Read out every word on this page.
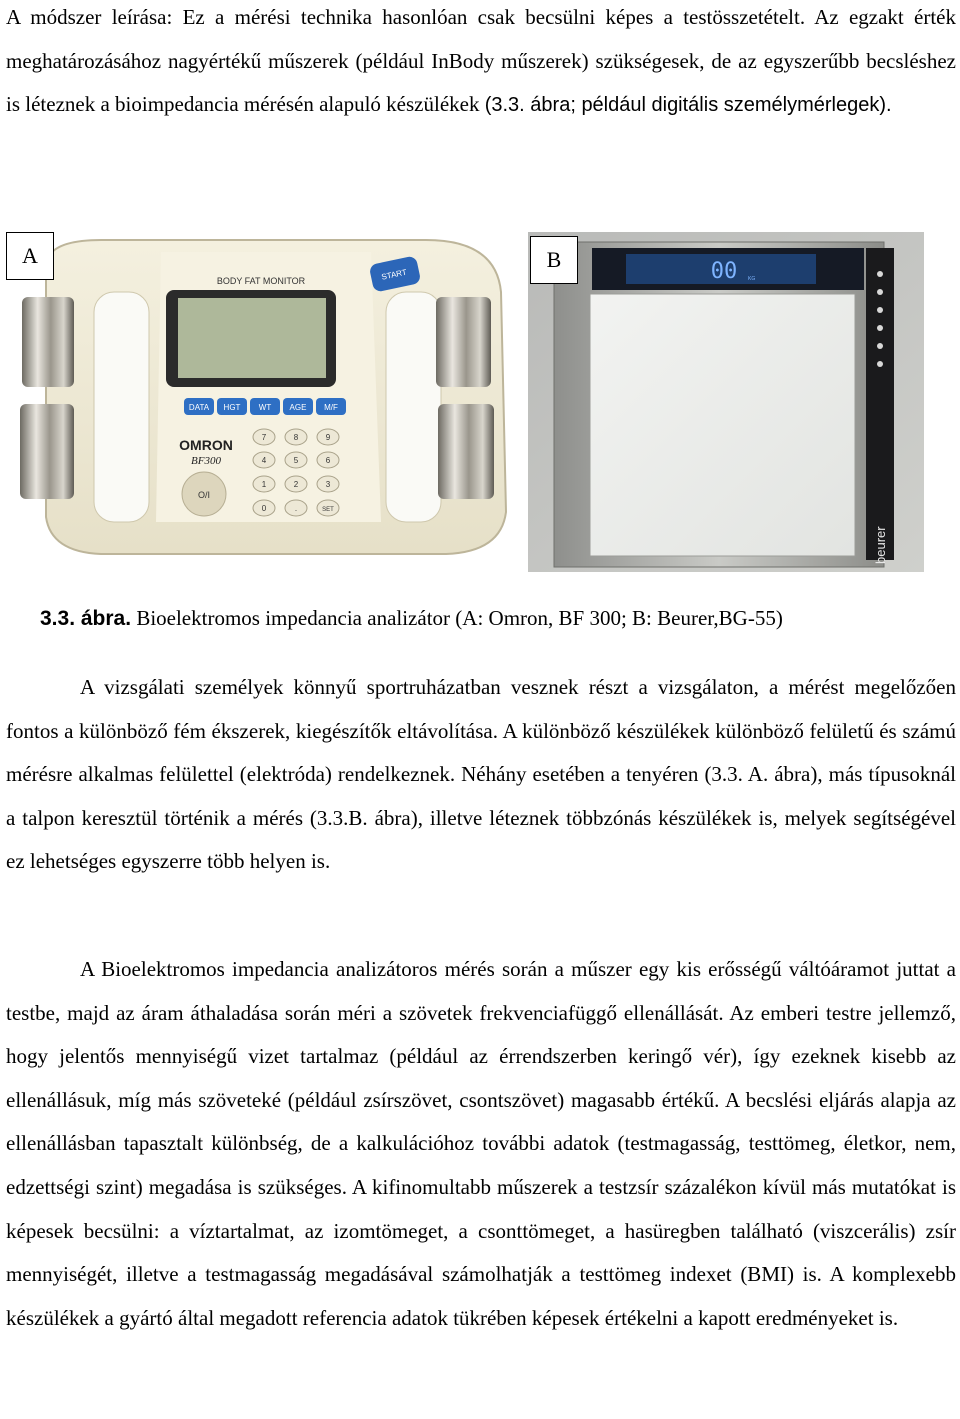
A módszer leírása: Ez a mérési technika hasonlóan csak becsülni képes a testösszetételt. Az egzakt érték meghatározásához nagyértékű műszerek (például InBody műszerek) szükségesek, de az egyszerűbb becsléshez is léteznek a bioimpedancia mérésén alapuló készülékek (3.3. ábra; például digitális személymérlegek).

BODY FAT MONITOR	START
DATA HGT WT AGE M/F
OMRON
BF300
O/I
7	8	9
4	5	6
1	2	3
0	.	SET
A
00 KG
beurer
B
3.3. ábra. Bioelektromos impedancia analizátor (A: Omron, BF 300; B: Beurer,BG-55)

A vizsgálati személyek könnyű sportruházatban vesznek részt a vizsgálaton, a mérést megelőzően fontos a különböző fém ékszerek, kiegészítők eltávolítása. A különböző készülékek különböző felületű és számú mérésre alkalmas felülettel (elektróda) rendelkeznek. Néhány esetében a tenyéren (3.3. A. ábra), más típusoknál a talpon keresztül történik a mérés (3.3.B. ábra), illetve léteznek többzónás készülékek is, melyek segítségével ez lehetséges egyszerre több helyen is.

A Bioelektromos impedancia analizátoros mérés során a műszer egy kis erősségű váltóáramot juttat a testbe, majd az áram áthaladása során méri a szövetek frekvenciafüggő ellenállását. Az emberi testre jellemző, hogy jelentős mennyiségű vizet tartalmaz (például az érrendszerben keringő vér), így ezeknek kisebb az ellenállásuk, míg más szöveteké (például zsírszövet, csontszövet) magasabb értékű. A becslési eljárás alapja az ellenállásban tapasztalt különbség, de a kalkulációhoz további adatok (testmagasság, testtömeg, életkor, nem, edzettségi szint) megadása is szükséges. A kifinomultabb műszerek a testzsír százalékon kívül más mutatókat is képesek becsülni: a víztartalmat, az izomtömeget, a csonttömeget, a hasüregben található (viszcerális) zsír mennyiségét, illetve a testmagasság megadásával számolhatják a testtömeg indexet (BMI) is. A komplexebb készülékek a gyártó által megadott referencia adatok tükrében képesek értékelni a kapott eredményeket is.
